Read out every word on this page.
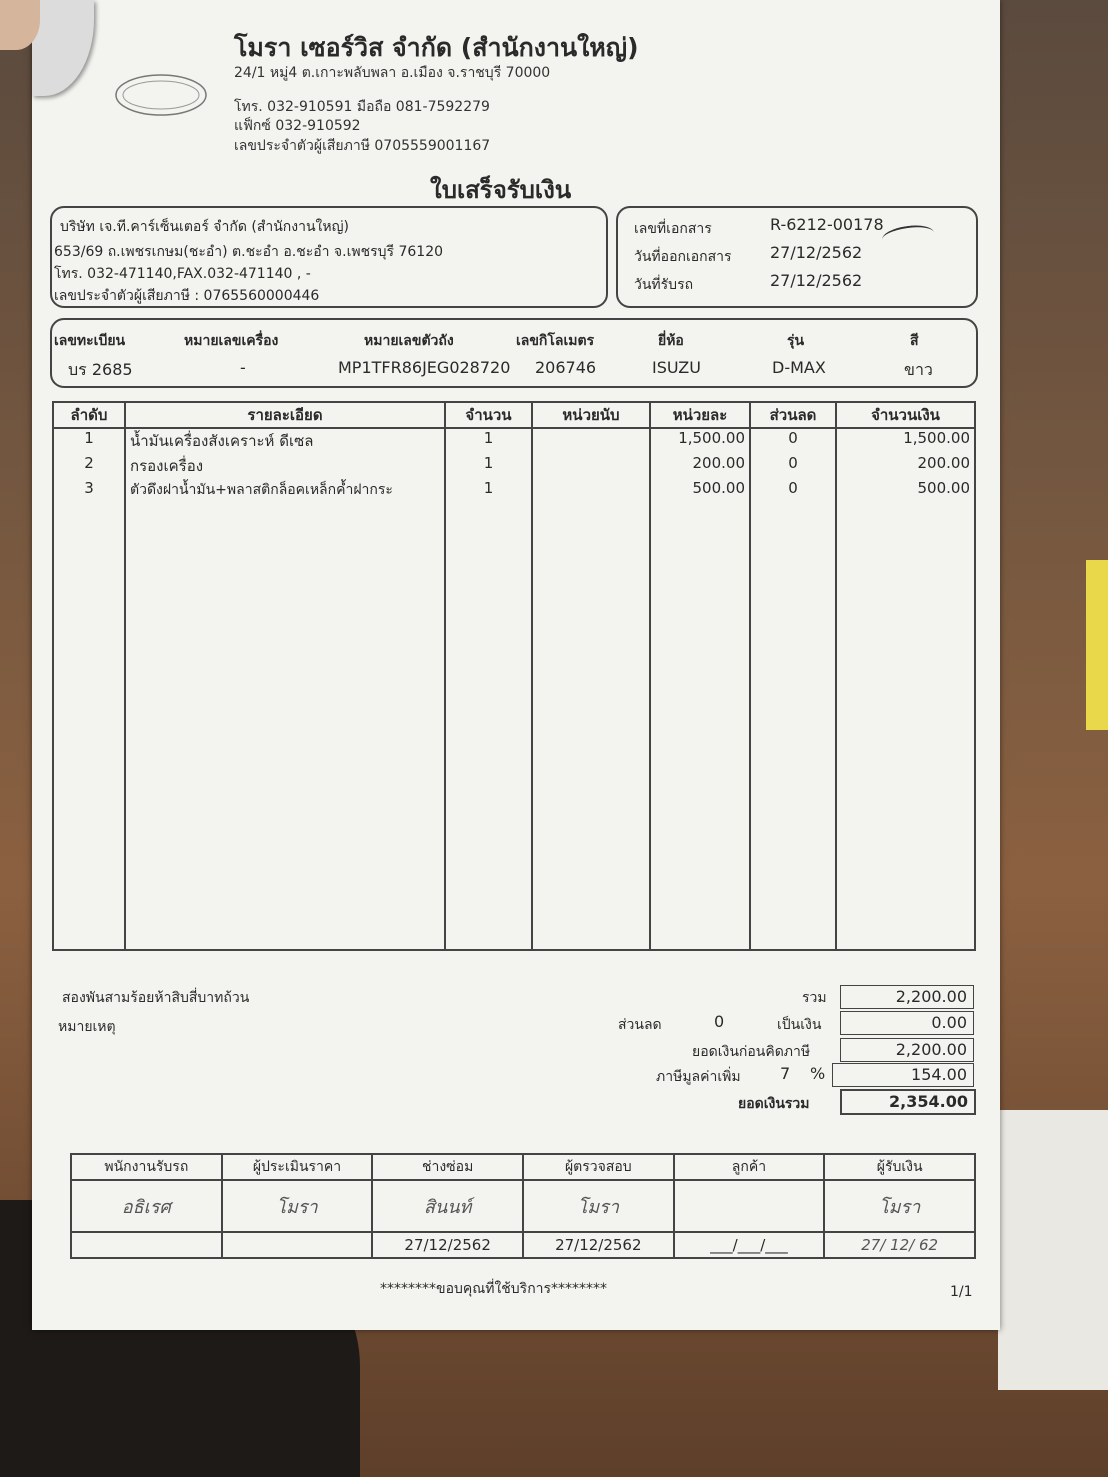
โมรา เซอร์วิส จำกัด (สำนักงานใหญ่)
24/1 หมู่4 ต.เกาะพลับพลา อ.เมือง จ.ราชบุรี 70000
โทร. 032-910591 มือถือ 081-7592279
แฟ็กซ์ 032-910592
เลขประจำตัวผู้เสียภาษี 0705559001167
ใบเสร็จรับเงิน
บริษัท เจ.ที.คาร์เซ็นเตอร์ จำกัด (สำนักงานใหญ่)
653/69 ถ.เพชรเกษม(ชะอำ) ต.ชะอำ อ.ชะอำ จ.เพชรบุรี 76120
โทร. 032-471140,FAX.032-471140 , -
เลขประจำตัวผู้เสียภาษี : 0765560000446
เลขที่เอกสาร	R-6212-00178
วันที่ออกเอกสาร 27/12/2562
วันที่รับรถ	27/12/2562
เลขทะเบียน	หมายเลขเครื่อง	หมายเลขตัวถัง	เลขกิโลเมตร	ยี่ห้อ	รุ่น	สี
บร 2685	-	MP1TFR86JEG028720 206746	ISUZU	D-MAX	ขาว
ลำดับ	รายละเอียด	จำนวน	หน่วยนับ	หน่วยละ	ส่วนลด	จำนวนเงิน
1	น้ำมันเครื่องสังเคราะห์ ดีเซล	1		1,500.00	0	1,500.00
2	กรองเครื่อง	1		200.00	0	200.00
3	ตัวดึงฝาน้ำมัน+พลาสติกล็อคเหล็กค้ำฝากระ	1		500.00	0	500.00

สองพันสามร้อยห้าสิบสี่บาทถ้วน
หมายเหตุ
รวม	2,200.00
ส่วนลด	0	เป็นเงิน	0.00
ยอดเงินก่อนคิดภาษี	2,200.00
ภาษีมูลค่าเพิ่ม 7 %	154.00
ยอดเงินรวม	2,354.00
พนักงานรับรถ	ผู้ประเมินราคา	ช่างซ่อม	ผู้ตรวจสอบ	ลูกค้า	ผู้รับเงิน
อธิเรศ	โมรา	สินนท์	โมรา		โมรา
		27/12/2562	27/12/2562	___/___/___	27/ 12/ 62
********ขอบคุณที่ใช้บริการ********	1/1
